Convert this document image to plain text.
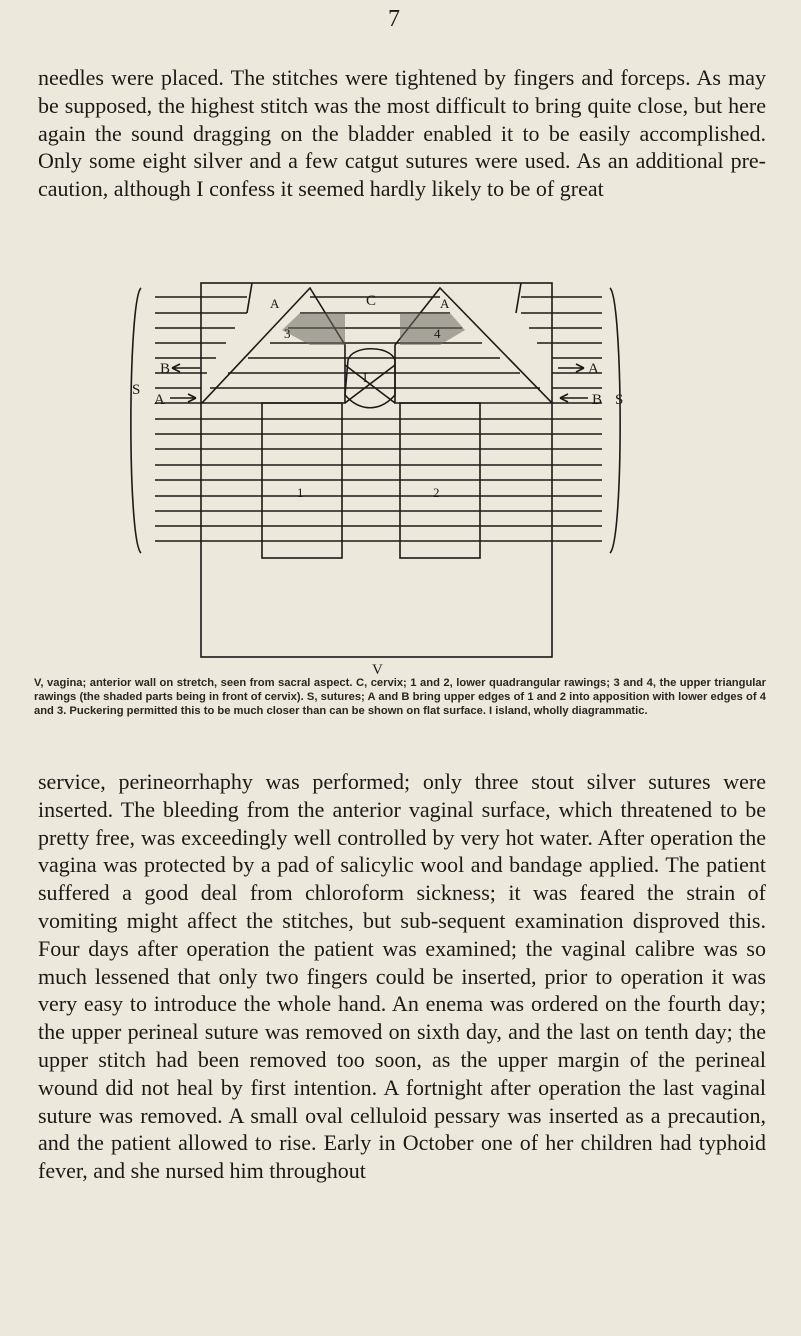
7

needles were placed. The stitches were tightened by fingers and forceps. As may be supposed, the highest stitch was the most difficult to bring quite close, but here again the sound dragging on the bladder enabled it to be easily accomplished. Only some eight silver and a few catgut sutures were used. As an additional pre-caution, although I confess it seemed hardly likely to be of great

C
A	A
3	4
I
1	2
V
B
A
A
B
S
S

V, vagina; anterior wall on stretch, seen from sacral aspect. C, cervix; 1 and 2, lower quadrangular rawings; 3 and 4, the upper triangular rawings (the shaded parts being in front of cervix). S, sutures; A and B bring upper edges of 1 and 2 into apposition with lower edges of 4 and 3. Puckering permitted this to be much closer than can be shown on flat surface. I island, wholly diagrammatic.

service, perineorrhaphy was performed; only three stout silver sutures were inserted. The bleeding from the anterior vaginal surface, which threatened to be pretty free, was exceedingly well controlled by very hot water. After operation the vagina was protected by a pad of salicylic wool and bandage applied. The patient suffered a good deal from chloroform sickness; it was feared the strain of vomiting might affect the stitches, but sub-sequent examination disproved this. Four days after operation the patient was examined; the vaginal calibre was so much lessened that only two fingers could be inserted, prior to operation it was very easy to introduce the whole hand. An enema was ordered on the fourth day; the upper perineal suture was removed on sixth day, and the last on tenth day; the upper stitch had been removed too soon, as the upper margin of the perineal wound did not heal by first intention. A fortnight after operation the last vaginal suture was removed. A small oval celluloid pessary was inserted as a precaution, and the patient allowed to rise. Early in October one of her children had typhoid fever, and she nursed him throughout
